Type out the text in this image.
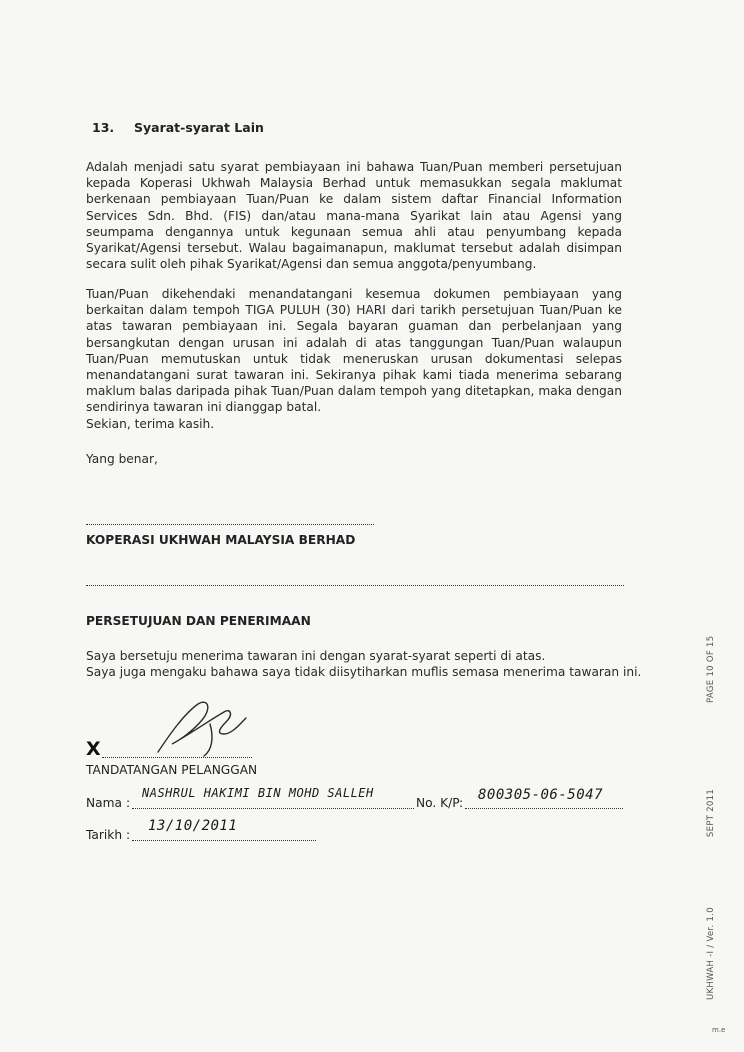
13. Syarat-syarat Lain
Adalah menjadi satu syarat pembiayaan ini bahawa Tuan/Puan memberi persetujuan kepada Koperasi Ukhwah Malaysia Berhad untuk memasukkan segala maklumat berkenaan pembiayaan Tuan/Puan ke dalam sistem daftar Financial Information Services Sdn. Bhd. (FIS) dan/atau mana-mana Syarikat lain atau Agensi yang seumpama dengannya untuk kegunaan semua ahli atau penyumbang kepada Syarikat/Agensi tersebut. Walau bagaimanapun, maklumat tersebut adalah disimpan secara sulit oleh pihak Syarikat/Agensi dan semua anggota/penyumbang.
Tuan/Puan dikehendaki menandatangani kesemua dokumen pembiayaan yang berkaitan dalam tempoh TIGA PULUH (30) HARI dari tarikh persetujuan Tuan/Puan ke atas tawaran pembiayaan ini. Segala bayaran guaman dan perbelanjaan yang bersangkutan dengan urusan ini adalah di atas tanggungan Tuan/Puan walaupun Tuan/Puan memutuskan untuk tidak meneruskan urusan dokumentasi selepas menandatangani surat tawaran ini. Sekiranya pihak kami tiada menerima sebarang maklum balas daripada pihak Tuan/Puan dalam tempoh yang ditetapkan, maka dengan sendirinya tawaran ini dianggap batal.
Sekian, terima kasih.
Yang benar,
KOPERASI UKHWAH MALAYSIA BERHAD
PERSETUJUAN DAN PENERIMAAN
Saya bersetuju menerima tawaran ini dengan syarat-syarat seperti di atas.
Saya juga mengaku bahawa saya tidak diisytiharkan muflis semasa menerima tawaran ini.
X
TANDATANGAN PELANGGAN
Nama :
NASHRUL HAKIMI BIN MOHD SALLEH
No. K/P : 800305-06-5047
Tarikh :
13/10/2011
UKHWAH -I / Ver. 1.0SEPT 2011PAGE 10 OF 15
m.e
